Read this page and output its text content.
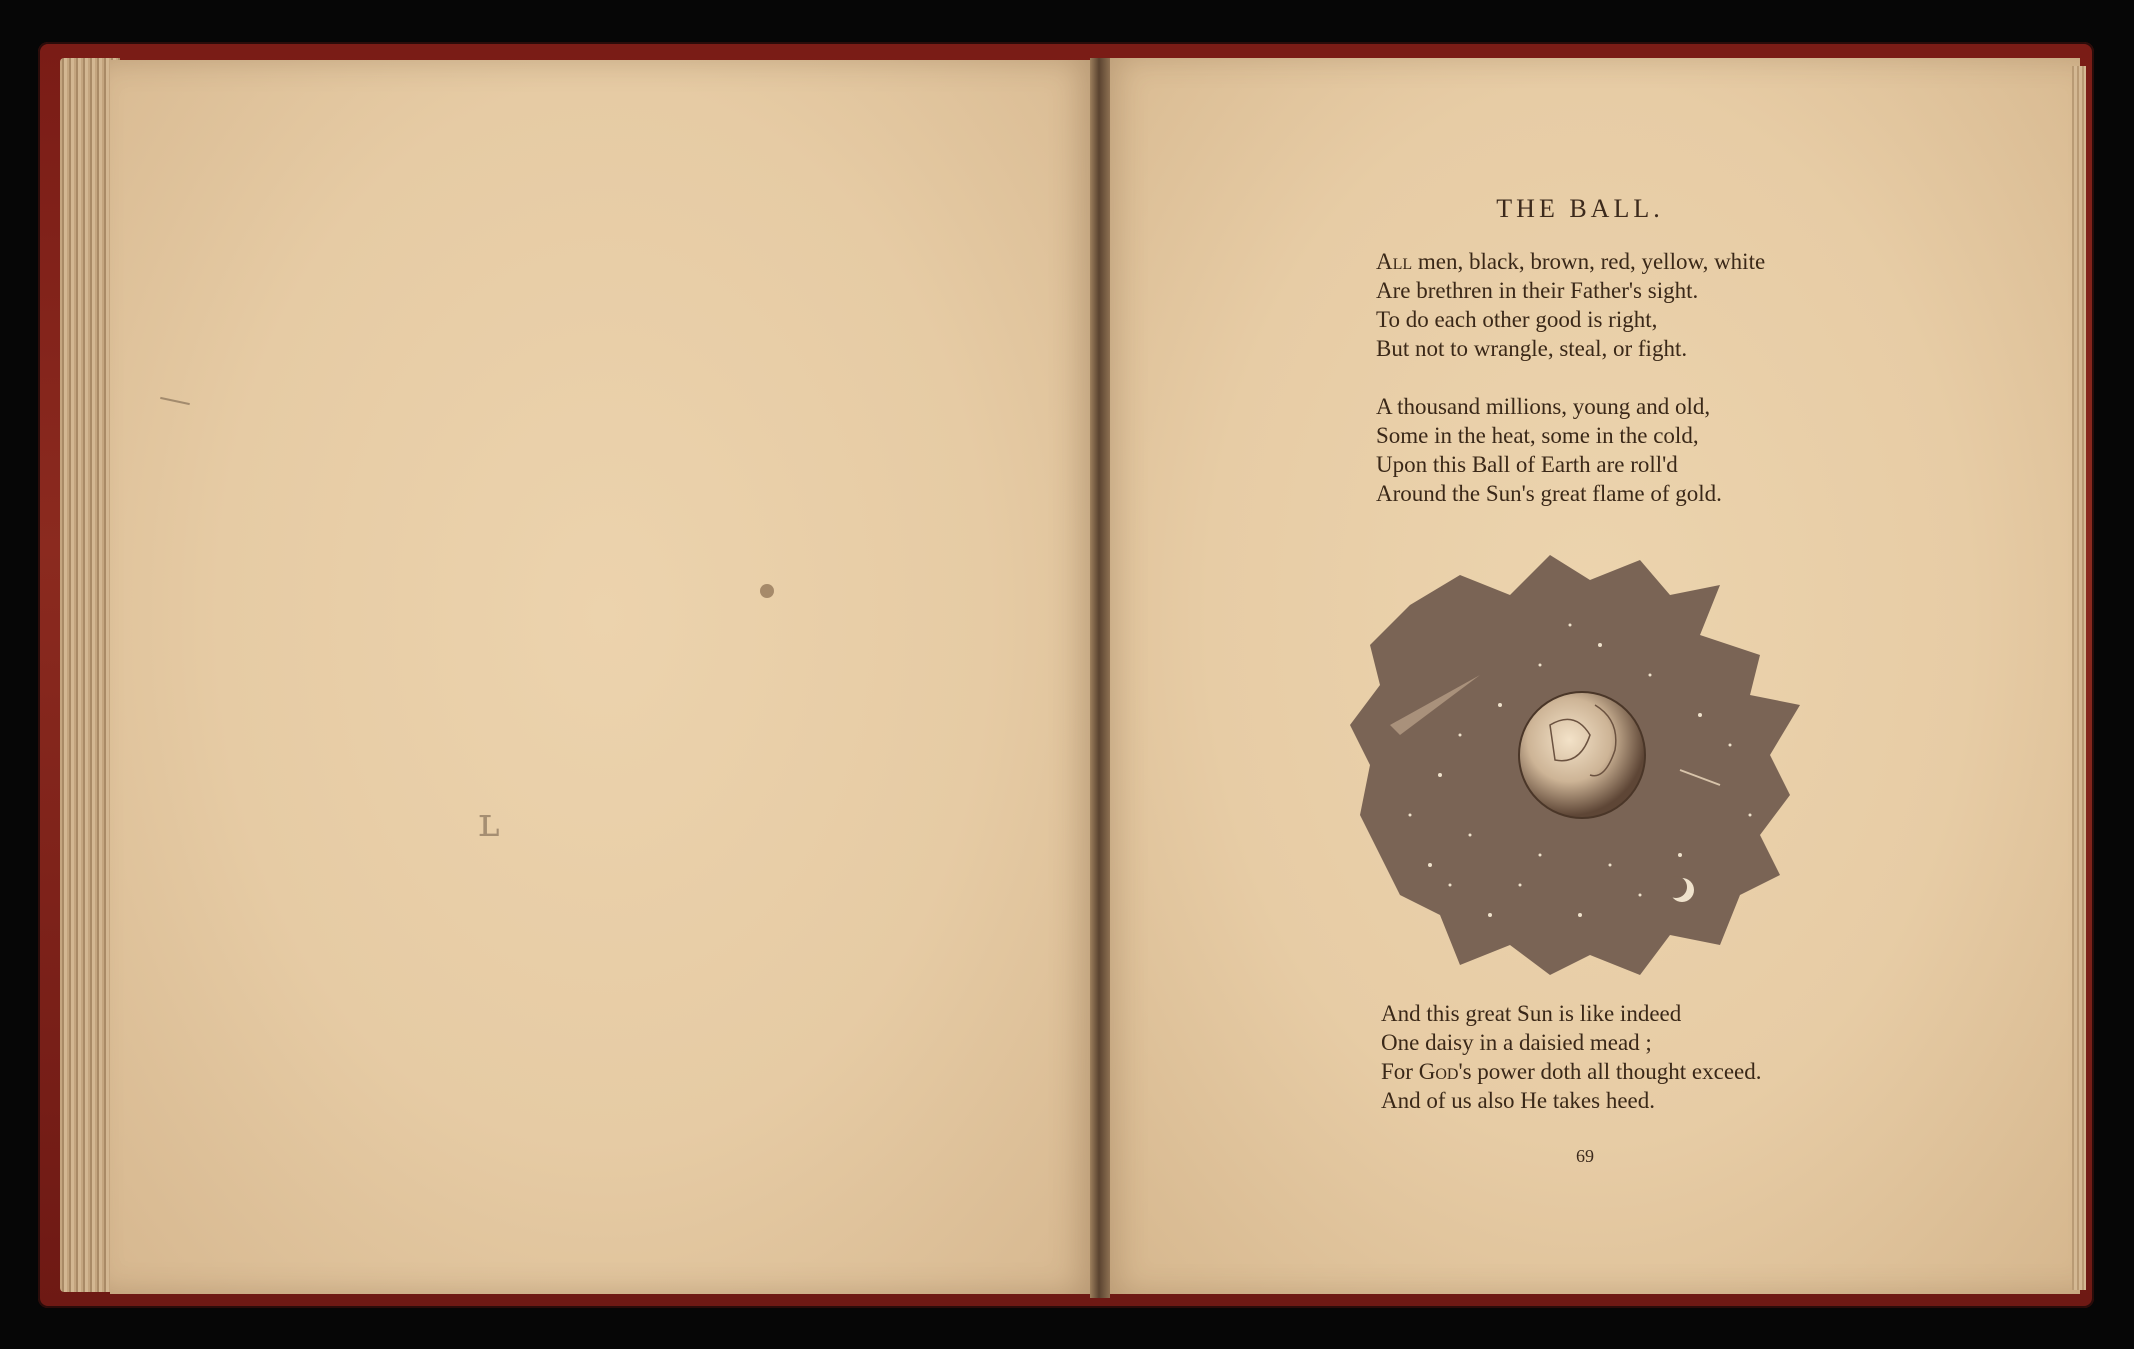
ʟ
THE BALL.
All men, black, brown, red, yellow, white
Are brethren in their Father's sight.
To do each other good is right,
But not to wrangle, steal, or fight.
A thousand millions, young and old,
Some in the heat, some in the cold,
Upon this Ball of Earth are roll'd
Around the Sun's great flame of gold.
And this great Sun is like indeed
One daisy in a daisied mead ;
For God's power doth all thought exceed.
And of us also He takes heed.
69
